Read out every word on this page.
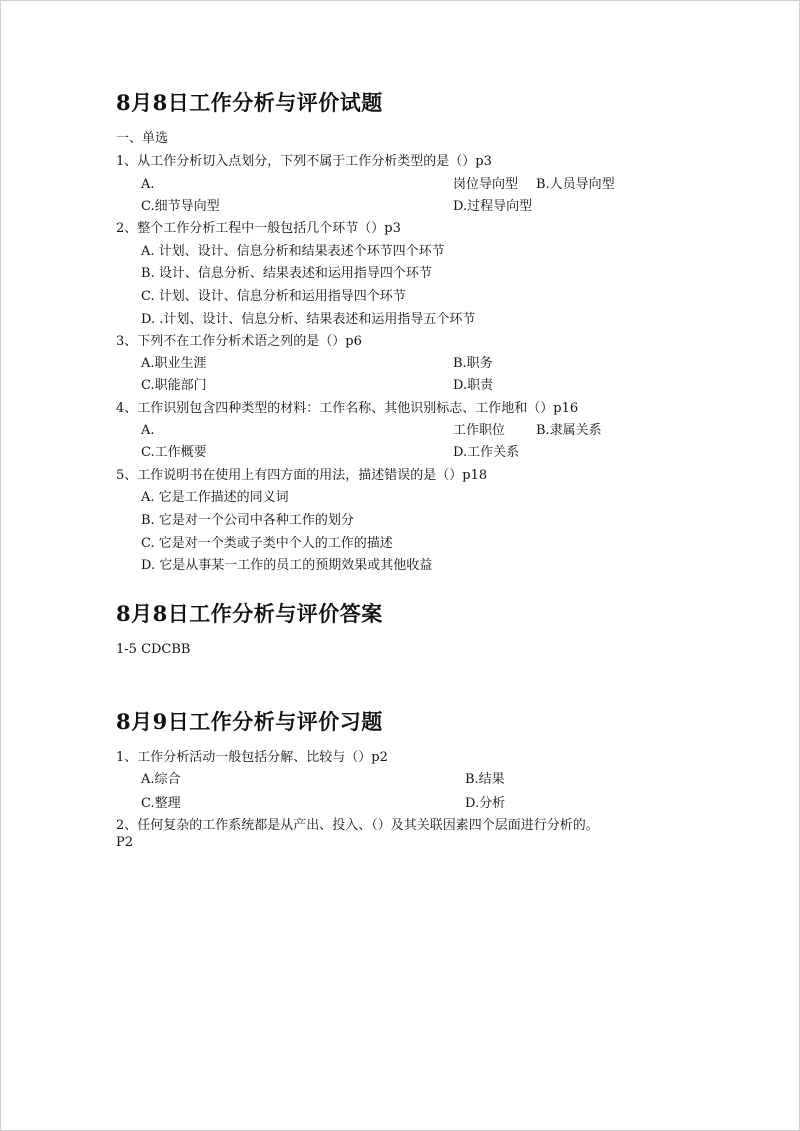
8月8日工作分析与评价试题
一、单选
1、从工作分析切入点划分，下列不属于工作分析类型的是（）p3
A.	岗位导向型 B.人员导向型
C.细节导向型	D.过程导向型
2、整个工作分析工程中一般包括几个环节（）p3
A. 计划、设计、信息分析和结果表述个环节四个环节
B. 设计、信息分析、结果表述和运用指导四个环节
C. 计划、设计、信息分析和运用指导四个环节
D. .计划、设计、信息分析、结果表述和运用指导五个环节
3、下列不在工作分析术语之列的是（）p6
A.职业生涯	B.职务
C.职能部门	D.职责
4、工作识别包含四种类型的材料：工作名称、其他识别标志、工作地和（）p16
A.	工作职位 B.隶属关系
C.工作概要	D.工作关系
5、工作说明书在使用上有四方面的用法，描述错误的是（）p18
A. 它是工作描述的同义词
B. 它是对一个公司中各种工作的划分
C. 它是对一个类或子类中个人的工作的描述
D. 它是从事某一工作的员工的预期效果或其他收益
8月8日工作分析与评价答案
1-5 CDCBB
8月9日工作分析与评价习题
1、工作分析活动一般包括分解、比较与（）p2
A.综合	B.结果
C.整理	D.分析
2、任何复杂的工作系统都是从产出、投入、（）及其关联因素四个层面进行分析的。
P2
